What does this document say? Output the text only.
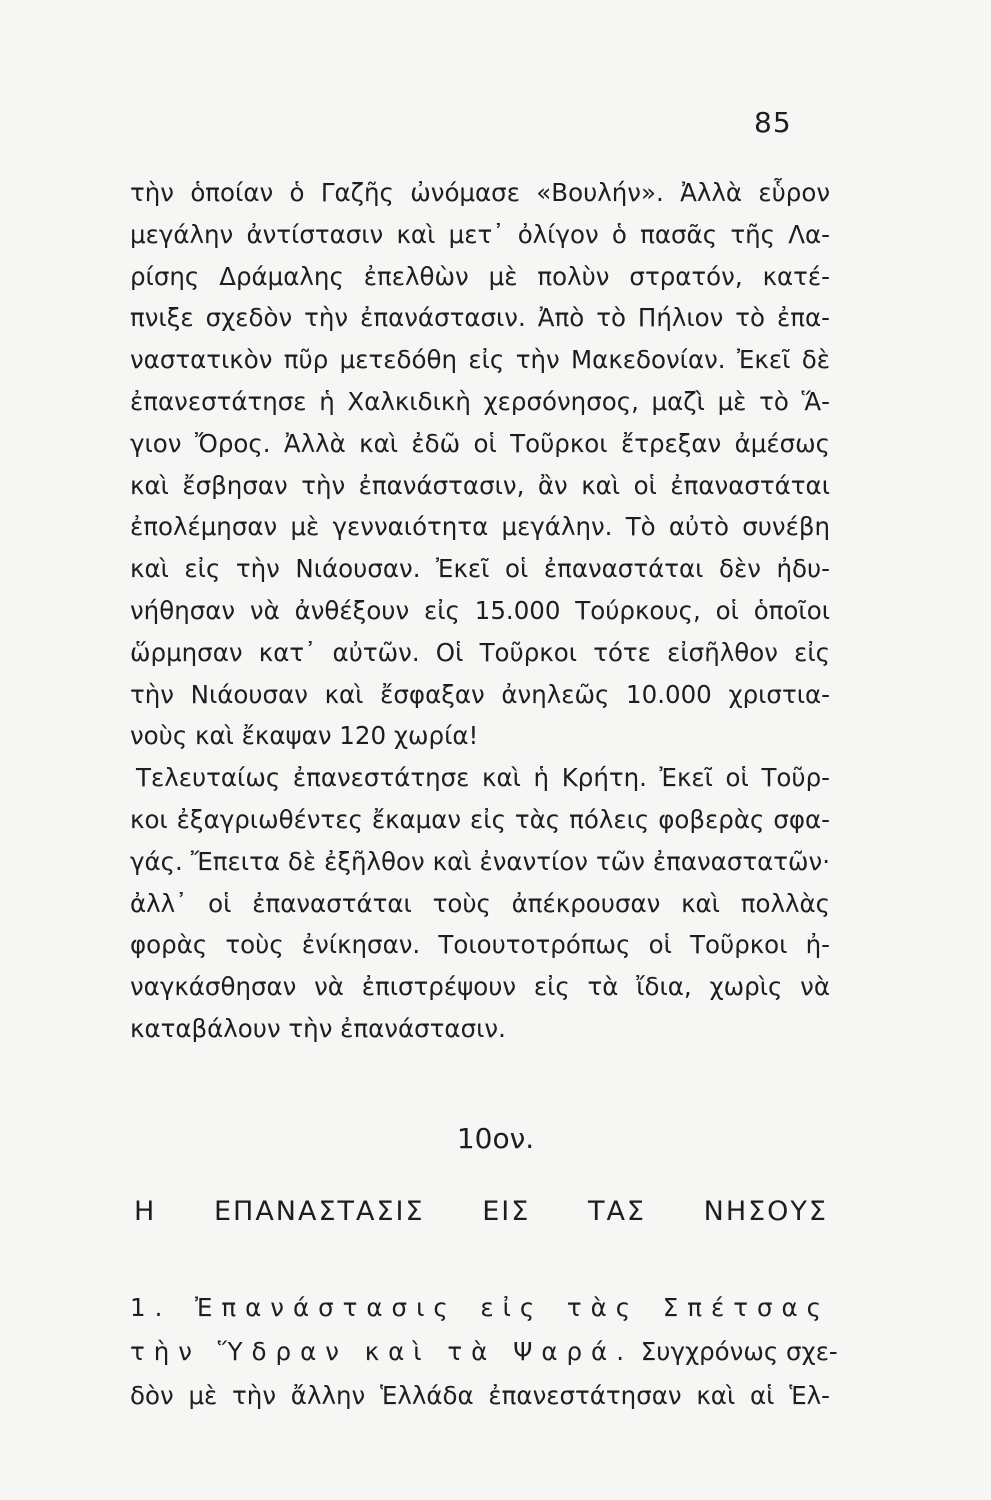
85
τὴν ὁποίαν ὁ Γαζῆς ὠνόμασε «Βουλήν». Ἀλλὰ εὗρον
μεγάλην ἀντίστασιν καὶ μετ᾽ ὀλίγον ὁ πασᾶς τῆς Λα-
ρίσης Δράμαλης ἐπελθὼν μὲ πολὺν στρατόν, κατέ-
πνιξε σχεδὸν τὴν ἐπανάστασιν. Ἀπὸ τὸ Πήλιον τὸ ἐπα-
ναστατικὸν πῦρ μετεδόθη εἰς τὴν Μακεδονίαν. Ἐκεῖ δὲ
ἐπανεστάτησε ἡ Χαλκιδικὴ χερσόνησος, μαζὶ μὲ τὸ Ἅ-
γιον Ὄρος. Ἀλλὰ καὶ ἐδῶ οἱ Τοῦρκοι ἔτρεξαν ἀμέσως
καὶ ἔσβησαν τὴν ἐπανάστασιν, ἂν καὶ οἱ ἐπαναστάται
ἐπολέμησαν μὲ γενναιότητα μεγάλην. Τὸ αὐτὸ συνέβη
καὶ εἰς τὴν Νιάουσαν. Ἐκεῖ οἱ ἐπαναστάται δὲν ἠδυ-
νήθησαν νὰ ἀνθέξουν εἰς 15.000 Τούρκους, οἱ ὁποῖοι
ὥρμησαν κατ᾽ αὐτῶν. Οἱ Τοῦρκοι τότε εἰσῆλθον εἰς
τὴν Νιάουσαν καὶ ἔσφαξαν ἀνηλεῶς 10.000 χριστια-
νοὺς καὶ ἔκαψαν 120 χωρία!
Τελευταίως ἐπανεστάτησε καὶ ἡ Κρήτη. Ἐκεῖ οἱ Τοῦρ-
κοι ἐξαγριωθέντες ἔκαμαν εἰς τὰς πόλεις φοβερὰς σφα-
γάς. Ἔπειτα δὲ ἐξῆλθον καὶ ἐναντίον τῶν ἐπαναστατῶν·
ἀλλ᾽ οἱ ἐπαναστάται τοὺς ἀπέκρουσαν καὶ πολλὰς
φορὰς τοὺς ἐνίκησαν. Τοιουτοτρόπως οἱ Τοῦρκοι ἠ-
ναγκάσθησαν νὰ ἐπιστρέψουν εἰς τὰ ἴδια, χωρὶς νὰ
καταβάλουν τὴν ἐπανάστασιν.
10ον.
Η ΕΠΑΝΑΣΤΑΣΙΣ ΕΙΣ ΤΑΣ ΝΗΣΟΥΣ
1. Ἐπανάστασις εἰς τὰς Σπέτσας
τὴν Ὕδραν καὶ τὰ Ψαρά. Συγχρόνως σχε-
δὸν μὲ τὴν ἄλλην Ἑλλάδα ἐπανεστάτησαν καὶ αἱ Ἑλ-
